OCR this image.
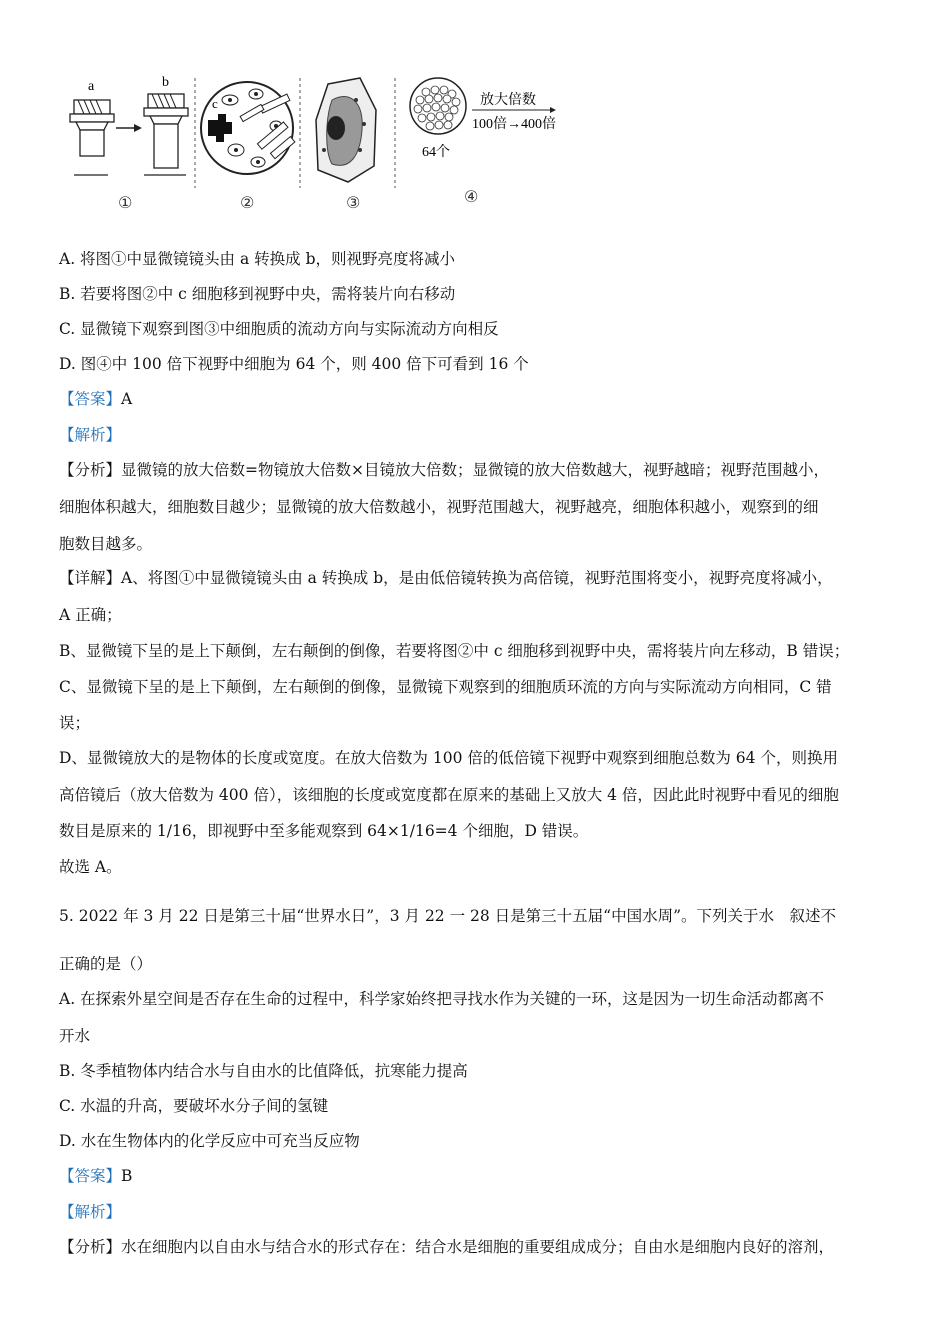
a	b
c	放大倍数
100倍→400倍
64个
①	②	③	④
A. 将图①中显微镜镜头由 a 转换成 b，则视野亮度将减小
B. 若要将图②中 c 细胞移到视野中央，需将装片向右移动
C. 显微镜下观察到图③中细胞质的流动方向与实际流动方向相反
D. 图④中 100 倍下视野中细胞为 64 个，则 400 倍下可看到 16 个
【答案】A
【解析】
【分析】显微镜的放大倍数=物镜放大倍数×目镜放大倍数；显微镜的放大倍数越大，视野越暗；视野范围越小，
细胞体积越大，细胞数目越少；显微镜的放大倍数越小，视野范围越大，视野越亮，细胞体积越小，观察到的细
胞数目越多。
【详解】A、将图①中显微镜镜头由 a 转换成 b，是由低倍镜转换为高倍镜，视野范围将变小，视野亮度将减小，
A 正确；
B、显微镜下呈的是上下颠倒，左右颠倒的倒像，若要将图②中 c 细胞移到视野中央，需将装片向左移动，B 错误；
C、显微镜下呈的是上下颠倒，左右颠倒的倒像，显微镜下观察到的细胞质环流的方向与实际流动方向相同，C 错
误；
D、显微镜放大的是物体的长度或宽度。在放大倍数为 100 倍的低倍镜下视野中观察到细胞总数为 64 个，则换用
高倍镜后（放大倍数为 400 倍），该细胞的长度或宽度都在原来的基础上又放大 4 倍，因此此时视野中看见的细胞
数目是原来的 1/16，即视野中至多能观察到 64×1/16=4 个细胞，D 错误。
故选 A。
5. 2022 年 3 月 22 日是第三十届“世界水日”，3 月 22 一 28 日是第三十五届“中国水周”。下列关于水　叙述不
正确的是（）
A. 在探索外星空间是否存在生命的过程中，科学家始终把寻找水作为关键的一环，这是因为一切生命活动都离不
开水
B. 冬季植物体内结合水与自由水的比值降低，抗寒能力提高
C. 水温的升高，要破坏水分子间的氢键
D. 水在生物体内的化学反应中可充当反应物
【答案】B
【解析】
【分析】水在细胞内以自由水与结合水的形式存在：结合水是细胞的重要组成成分；自由水是细胞内良好的溶剂，
